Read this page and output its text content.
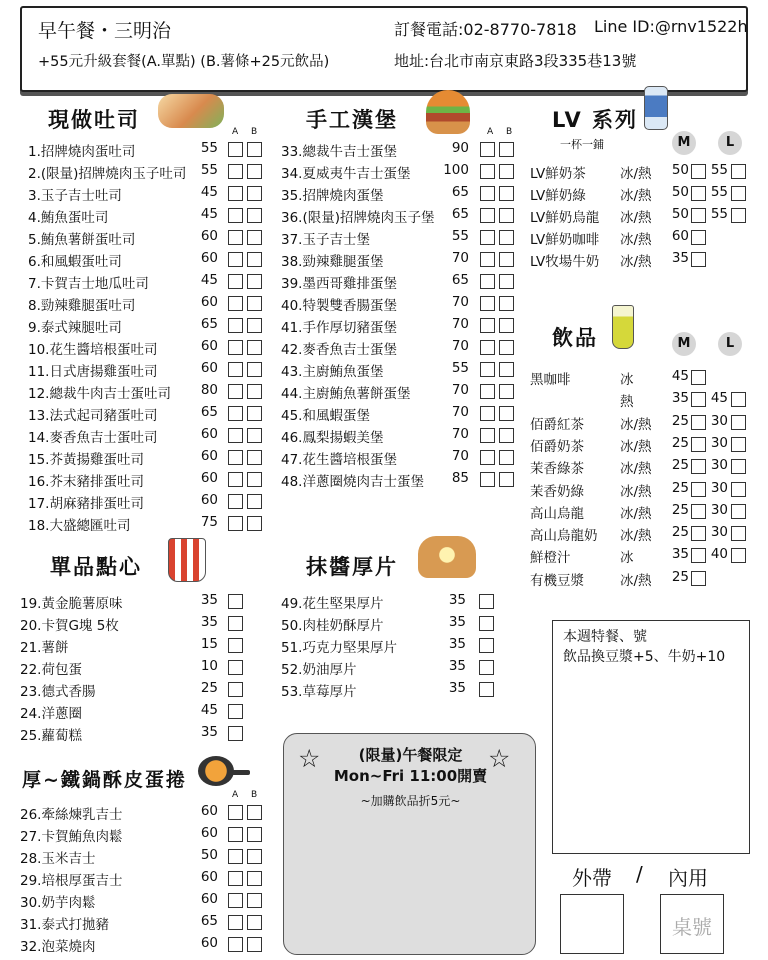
早午餐・三明治	訂餐電話:02-8770-7818 Line ID:@rnv1522h
+55元升級套餐(A.單點) (B.薯條+25元飲品)	地址:台北市南京東路3段335巷13號
現做吐司	A B 手工漢堡	A B LV 系列
一杯一鋪	M	L
飲品	M	L
單品點心	抹醬厚片
厚~鐵鍋酥皮蛋捲
A B
1.招牌燒肉蛋吐司	55
2.(限量)招牌燒肉玉子吐司	55
3.玉子吉士吐司	45
4.鮪魚蛋吐司	45
5.鮪魚薯餅蛋吐司	60
6.和風蝦蛋吐司	60
7.卡賀吉士地瓜吐司	45
8.勁辣雞腿蛋吐司	60
9.泰式辣腿吐司	65
10.花生醬培根蛋吐司	60
11.日式唐揚雞蛋吐司	60
12.總裁牛肉吉士蛋吐司	80
13.法式起司豬蛋吐司	65
14.麥香魚吉士蛋吐司	60
15.芥黃揚雞蛋吐司	60
16.芥末豬排蛋吐司	60
17.胡麻豬排蛋吐司	60
18.大盛總匯吐司	75
33.總裁牛吉士蛋堡	90
34.夏威夷牛吉士蛋堡 100
35.招牌燒肉蛋堡	65
36.(限量)招牌燒肉玉子堡	65
37.玉子吉士堡	55
38.勁辣雞腿蛋堡	70
39.墨西哥雞排蛋堡	65
40.特製雙香腸蛋堡	70
41.手作厚切豬蛋堡	70
42.麥香魚吉士蛋堡	70
43.主廚鮪魚蛋堡	55
44.主廚鮪魚薯餅蛋堡	70
45.和風蝦蛋堡	70
46.鳳梨揚蝦美堡	70
47.花生醬培根蛋堡	70
48.洋蔥圈燒肉吉士蛋堡	85
LV鮮奶茶	冰/熱	50	55
LV鮮奶綠	冰/熱	50	55
LV鮮奶烏龍 冰/熱	50	55
LV鮮奶咖啡 冰/熱	60
LV牧場牛奶 冰/熱	35
黑咖啡	冰	45
熱	35	45
佰爵紅茶	冰/熱	25	30
佰爵奶茶	冰/熱	25	30
茉香綠茶	冰/熱	25	30
茉香奶綠	冰/熱	25	30
高山烏龍	冰/熱	25	30
高山烏龍奶 冰/熱	25	30
鮮橙汁	冰	35	40
有機豆漿	冰/熱	25
19.黃金脆薯原味	35
20.卡賀G塊 5枚	35
21.薯餅	15
22.荷包蛋	10
23.德式香腸	25
24.洋蔥圈	45
25.蘿蔔糕	35
49.花生堅果厚片	35
50.肉桂奶酥厚片	35
51.巧克力堅果厚片	35
52.奶油厚片	35
53.草莓厚片	35
26.牽絲煉乳吉士	60
27.卡賀鮪魚肉鬆	60
28.玉米吉士	50
29.培根厚蛋吉士	60
30.奶芋肉鬆	60
31.泰式打拋豬	65
32.泡菜燒肉	60
本週特餐、號
飲品換豆漿+5、牛奶+10
☆	☆
(限量)午餐限定
Mon~Fri 11:00開賣
~加購飲品折5元~
外帶 / 內用
桌號
